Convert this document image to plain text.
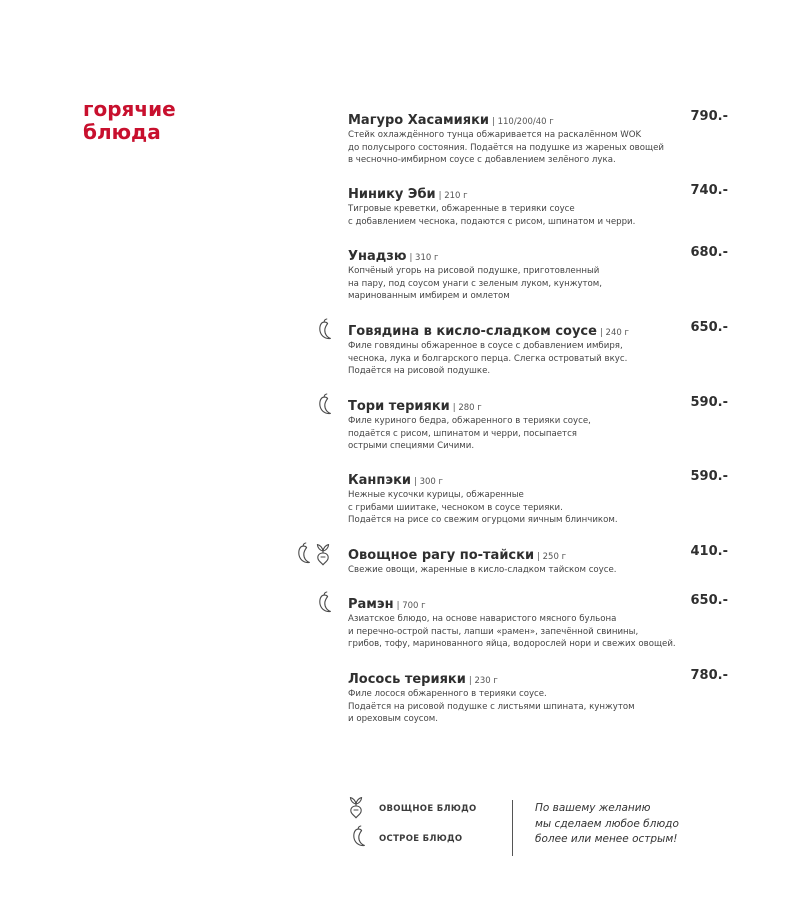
горячие
блюда	Магуро Хасамияки | 110/200/40 г	790.-
Стейк охлаждённого тунца обжаривается на раскалённом WOK
до полусырого состояния. Подаётся на подушке из жареных овощей
в чесночно-имбирном соусе с добавлением зелёного лука.
Нинику Эби | 210 г	740.-
Тигровые креветки, обжаренные в терияки соусе
с добавлением чеснока, подаются с рисом, шпинатом и черри.
Унадзю | 310 г	680.-
Копчёный угорь на рисовой подушке, приготовленный
на пару, под соусом унаги с зеленым луком, кунжутом,
маринованным имбирем и омлетом
Говядина в кисло-сладком соусе | 240 г	650.-
Филе говядины обжаренное в соусе с добавлением имбиря,
чеснока, лука и болгарского перца. Слегка островатый вкус.
Подаётся на рисовой подушке.
Тори терияки | 280 г	590.-
Филе куриного бедра, обжаренного в терияки соусе,
подаётся с рисом, шпинатом и черри, посыпается
острыми специями Сичими.
Канпэки | 300 г	590.-
Нежные кусочки курицы, обжаренные
с грибами шиитаке, чесноком в соусе терияки.
Подаётся на рисе со свежим огурцоми яичным блинчиком.
Овощное рагу по-тайски | 250 г	410.-
Свежие овощи, жаренные в кисло-сладком тайском соусе.
Рамэн | 700 г	650.-
Азиатское блюдо, на основе наваристого мясного бульона
и перечно-острой пасты, лапши «рамен», запечённой свинины,
грибов, тофу, маринованного яйца, водорослей нори и свежих овощей.
Лосось терияки | 230 г	780.-
Филе лосося обжаренного в терияки соусе.
Подаётся на рисовой подушке с листьями шпината, кунжутом
и ореховым соусом.
ОВОЩНОЕ БЛЮДО
ОСТРОЕ БЛЮДО
По вашему желанию
мы сделаем любое блюдо
более или менее острым!
